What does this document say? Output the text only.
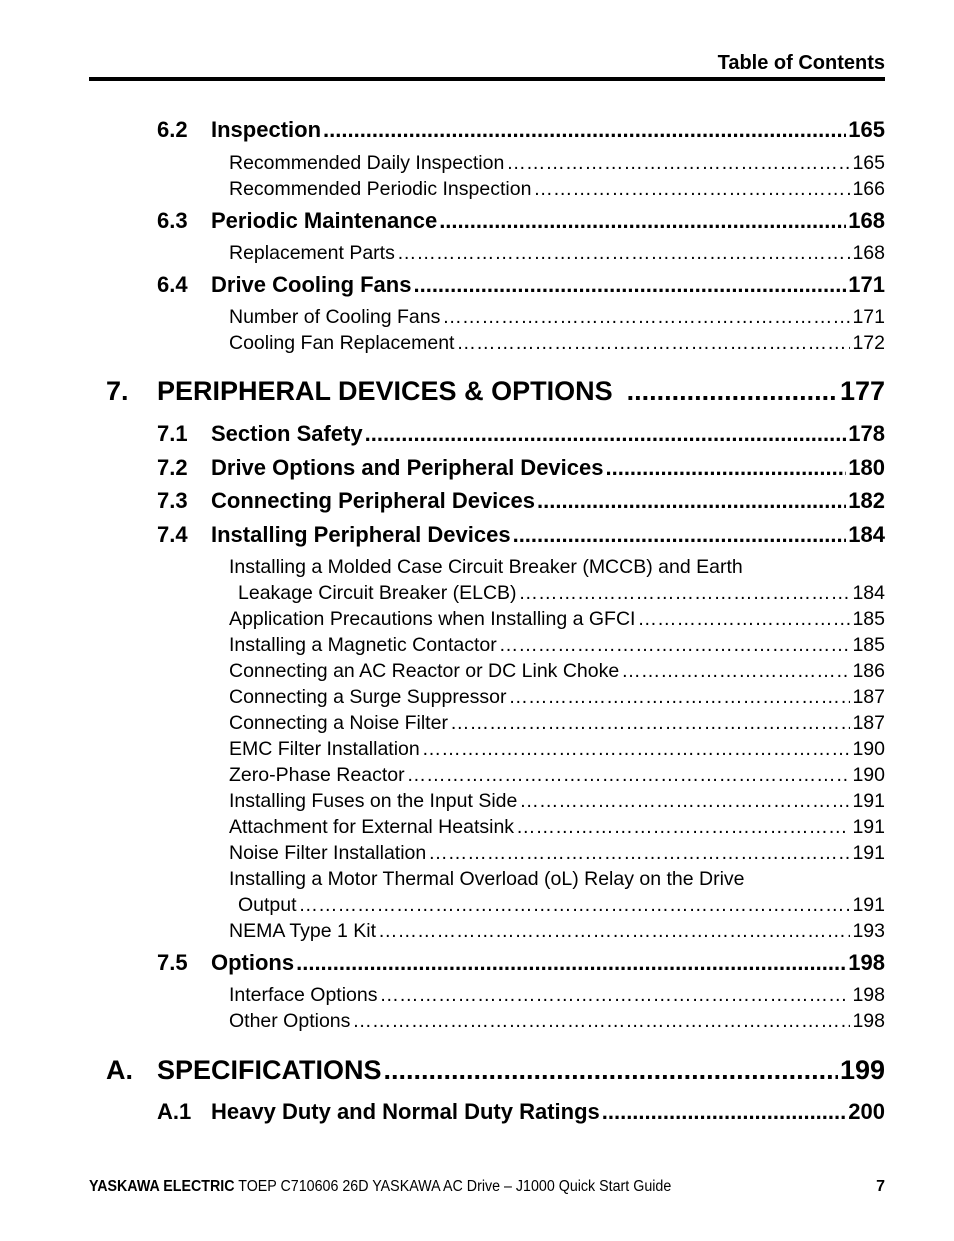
Table of Contents
6.2	Inspection .....	165
Recommended Daily Inspection ……………………………………………………………………………………………………………………………………………………………………………………………………………………	165
Recommended Periodic Inspection ……………………………………………………………………………………………………………………………………………………………………………………………………………………	166
6.3	Periodic Maintenance .....	168
Replacement Parts ……………………………………………………………………………………………………………………………………………………………………………………………………………………	168
6.4	Drive Cooling Fans .....	171
Number of Cooling Fans ……………………………………………………………………………………………………………………………………………………………………………………………………………………	171
Cooling Fan Replacement ……………………………………………………………………………………………………………………………………………………………………………………………………………………	172
7.	PERIPHERAL DEVICES & OPTIONS .....	177
7.1	Section Safety .....	178
7.2	Drive Options and Peripheral Devices .....	180
7.3	Connecting Peripheral Devices .....	182
7.4	Installing Peripheral Devices .....	184
Installing a Molded Case Circuit Breaker (MCCB) and Earth
Leakage Circuit Breaker (ELCB) ……………………………………………………………………………………………………………………………………………………………………………………………………………………	184
Application Precautions when Installing a GFCI ……………………………………………………………………………………………………………………………………………………………………………………………………………………	185
Installing a Magnetic Contactor ……………………………………………………………………………………………………………………………………………………………………………………………………………………	185
Connecting an AC Reactor or DC Link Choke ……………………………………………………………………………………………………………………………………………………………………………………………………………………	186
Connecting a Surge Suppressor ……………………………………………………………………………………………………………………………………………………………………………………………………………………	187
Connecting a Noise Filter ……………………………………………………………………………………………………………………………………………………………………………………………………………………	187
EMC Filter Installation ……………………………………………………………………………………………………………………………………………………………………………………………………………………	190
Zero-Phase Reactor ……………………………………………………………………………………………………………………………………………………………………………………………………………………	190
Installing Fuses on the Input Side ……………………………………………………………………………………………………………………………………………………………………………………………………………………	191
Attachment for External Heatsink ……………………………………………………………………………………………………………………………………………………………………………………………………………………	191
Noise Filter Installation ……………………………………………………………………………………………………………………………………………………………………………………………………………………	191
Installing a Motor Thermal Overload (oL) Relay on the Drive
Output ……………………………………………………………………………………………………………………………………………………………………………………………………………………	191
NEMA Type 1 Kit ……………………………………………………………………………………………………………………………………………………………………………………………………………………	193
7.5	Options .....	198
Interface Options ……………………………………………………………………………………………………………………………………………………………………………………………………………………	198
Other Options ……………………………………………………………………………………………………………………………………………………………………………………………………………………	198
A. SPECIFICATIONS .....	199
A.1 Heavy Duty and Normal Duty Ratings .....	200
YASKAWA ELECTRIC TOEP C710606 26D YASKAWA AC Drive – J1000 Quick Start Guide	7
